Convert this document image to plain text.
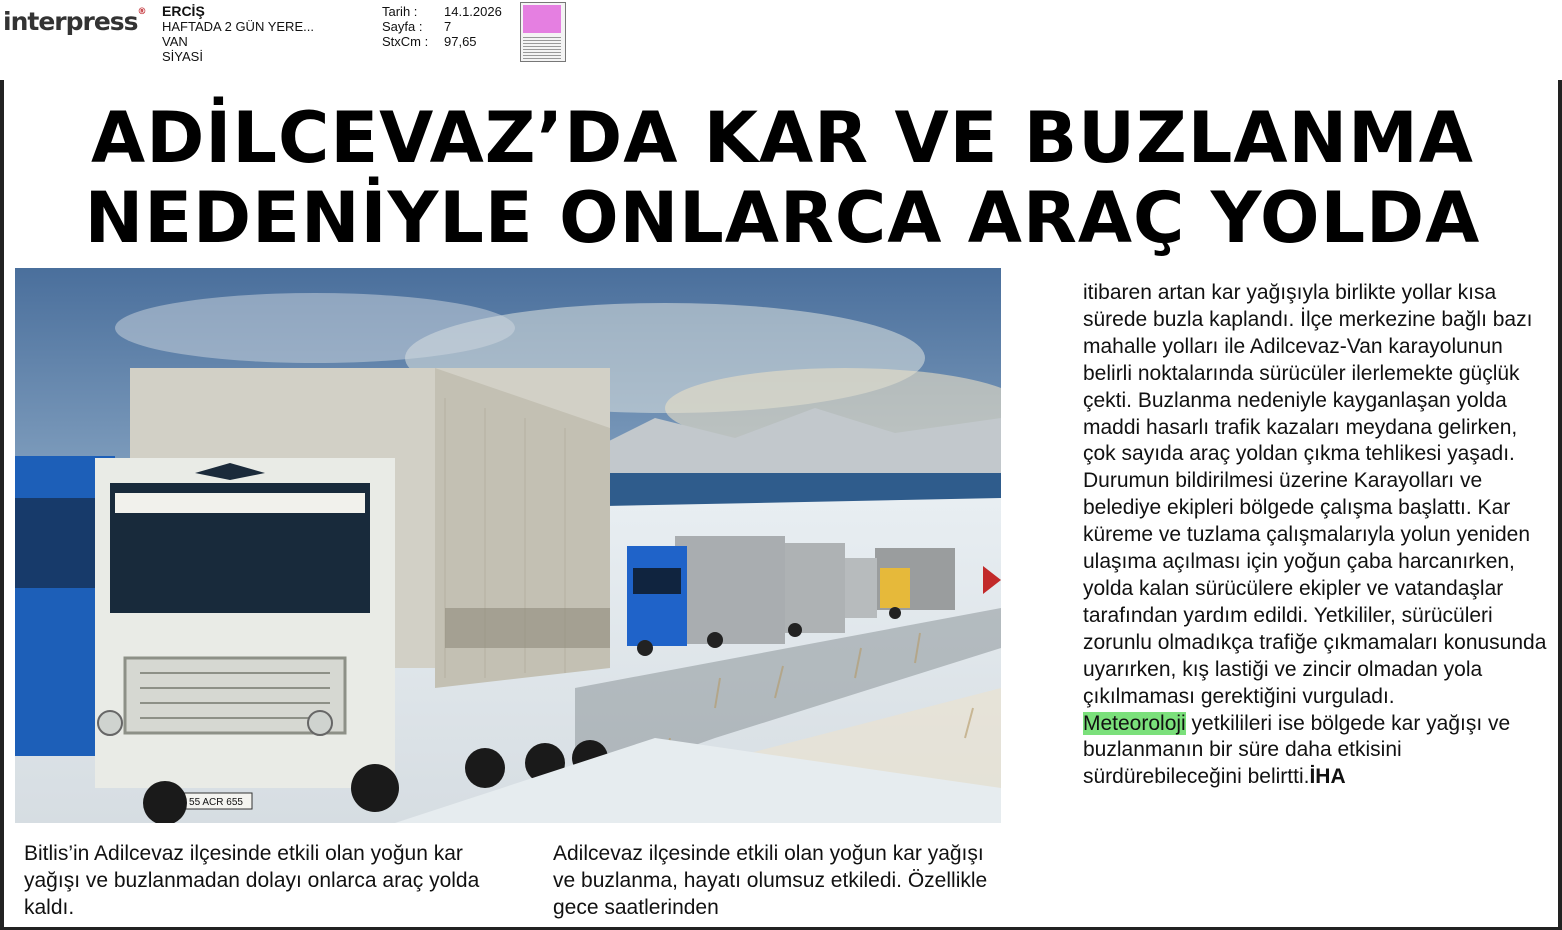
interpress® ERCİŞ
HAFTADA 2 GÜN YERE...
VAN
SİYASİ
Tarih : 14.1.2026
Sayfa : 7
StxCm : 97,65
ADİLCEVAZ’DA KAR VE BUZLANMA
NEDENİYLE ONLARCA ARAÇ YOLDA
55 ACR 655
Bitlis’in Adilcevaz ilçesinde etkili olan yoğun kar yağışı ve buzlanmadan dolayı onlarca araç yolda kaldı.
Adilcevaz ilçesinde etkili olan yoğun kar yağışı ve buzlanma, hayatı olumsuz etkiledi. Özellikle gece saatlerinden

itibaren artan kar yağışıyla birlikte yollar kısa sürede buzla kaplandı. İlçe merkezine bağlı bazı mahalle yolları ile Adilcevaz-Van karayolunun belirli noktalarında sürücüler ilerlemekte güçlük çekti. Buzlanma nedeniyle kayganlaşan yolda maddi hasarlı trafik kazaları meydana gelirken, çok sayıda araç yoldan çıkma tehlikesi yaşadı.

Durumun bildirilmesi üzerine Karayolları ve belediye ekipleri bölgede çalışma başlattı. Kar küreme ve tuzlama çalışmalarıyla yolun yeniden ulaşıma açılması için yoğun çaba harcanırken, yolda kalan sürücülere ekipler ve vatandaşlar tarafından yardım edildi. Yetkililer, sürücüleri zorunlu olmadıkça trafiğe çıkmamaları konusunda uyarırken, kış lastiği ve zincir olmadan yola çıkılmaması gerektiğini vurguladı.

Meteoroloji yetkilileri ise bölgede kar yağışı ve buzlanmanın bir süre daha etkisini sürdürebileceğini belirtti.İHA
